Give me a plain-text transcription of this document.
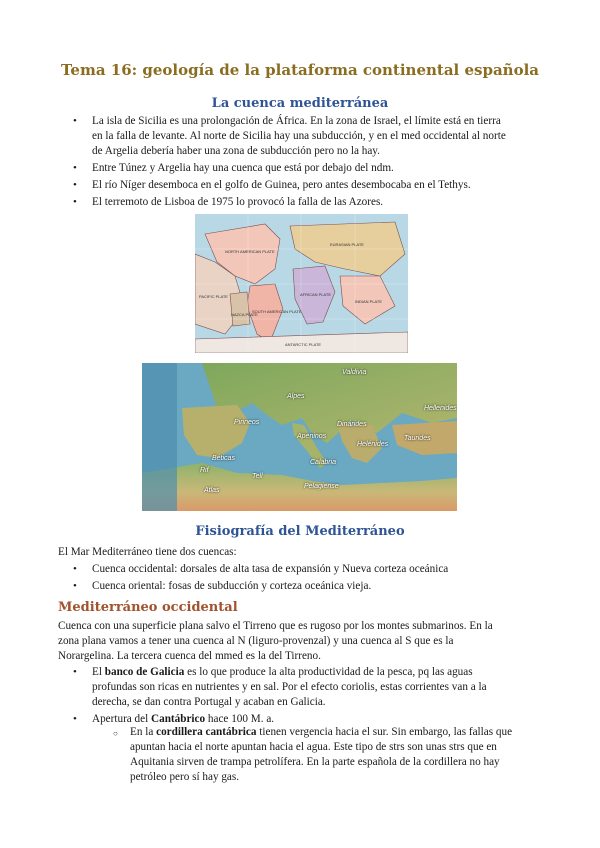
Tema 16: geología de la plataforma continental española
La cuenca mediterránea
• La isla de Sicilia es una prolongación de África. En la zona de Israel, el límite está en tierra
en la falla de levante. Al norte de Sicilia hay una subducción, y en el med occidental al norte
de Argelia debería haber una zona de subducción pero no la hay.
• Entre Túnez y Argelia hay una cuenca que está por debajo del ndm.
• El río Níger desemboca en el golfo de Guinea, pero antes desembocaba en el Tethys.
• El terremoto de Lisboa de 1975 lo provocó la falla de las Azores.
NORTH AMERICAN PLATE
EURASIAN PLATE
AFRICAN PLATE
SOUTH AMERICAN PLATE
PACIFIC PLATE
ANTARCTIC PLATE
INDIAN PLATE
NAZCA PLATE
Valdivia
Alpes
Pirineos
Apeninos
Dinárides
Helénides
Béticas
Rif
Atlas
Tell
Calabria
Pelagiense
Hellenides
Taurides
Fisiografía del Mediterráneo
El Mar Mediterráneo tiene dos cuencas:
• Cuenca occidental: dorsales de alta tasa de expansión y Nueva corteza oceánica
• Cuenca oriental: fosas de subducción y corteza oceánica vieja.
Mediterráneo occidental
Cuenca con una superficie plana salvo el Tirreno que es rugoso por los montes submarinos. En la
zona plana vamos a tener una cuenca al N (liguro-provenzal) y una cuenca al S que es la
Norargelina. La tercera cuenca del mmed es la del Tirreno.
• El banco de Galicia es lo que produce la alta productividad de la pesca, pq las aguas
profundas son ricas en nutrientes y en sal. Por el efecto coriolis, estas corrientes van a la
derecha, se dan contra Portugal y acaban en Galicia.
• Apertura del Cantábrico hace 100 M. a.
○ En la cordillera cantábrica tienen vergencia hacia el sur. Sin embargo, las fallas que
apuntan hacia el norte apuntan hacia el agua. Este tipo de strs son unas strs que en
Aquitania sirven de trampa petrolífera. En la parte española de la cordillera no hay
petróleo pero sí hay gas.
